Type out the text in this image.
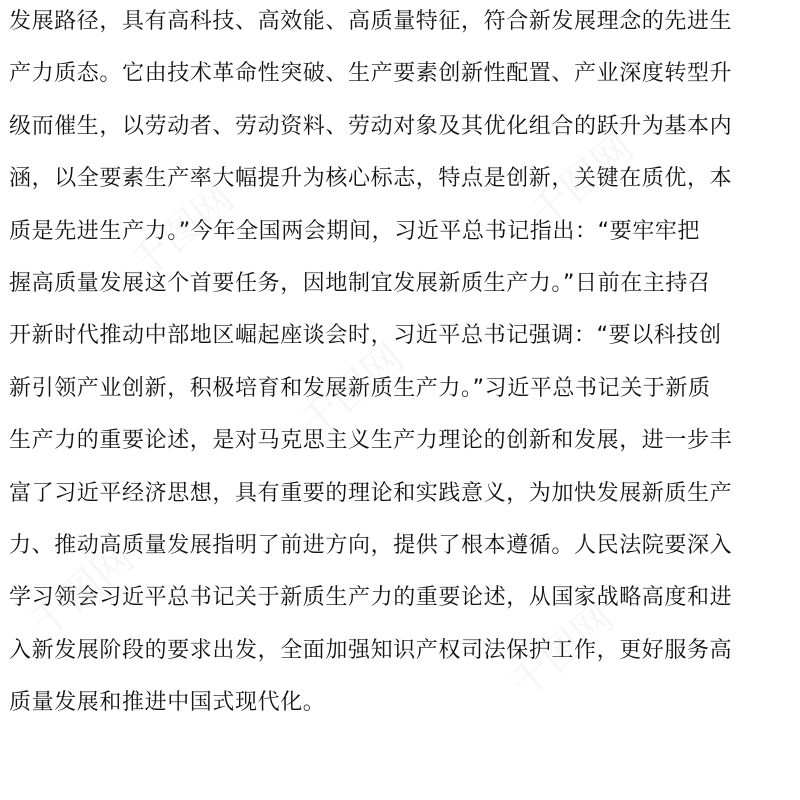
发展路径，具有高科技、高效能、高质量特征，符合新发展理念的先进生
产力质态。它由技术革命性突破、生产要素创新性配置、产业深度转型升
级而催生，以劳动者、劳动资料、劳动对象及其优化组合的跃升为基本内
涵，以全要素生产率大幅提升为核心标志，特点是创新，关键在质优，本
质是先进生产力。”今年全国两会期间，习近平总书记指出：“要牢牢把
握高质量发展这个首要任务，因地制宜发展新质生产力。”日前在主持召
开新时代推动中部地区崛起座谈会时，习近平总书记强调：“要以科技创
新引领产业创新，积极培育和发展新质生产力。”习近平总书记关于新质
生产力的重要论述，是对马克思主义生产力理论的创新和发展，进一步丰
富了习近平经济思想，具有重要的理论和实践意义，为加快发展新质生产
力、推动高质量发展指明了前进方向，提供了根本遵循。人民法院要深入
学习领会习近平总书记关于新质生产力的重要论述，从国家战略高度和进
入新发展阶段的要求出发，全面加强知识产权司法保护工作，更好服务高
质量发展和推进中国式现代化。
千图网
千图网
千图网
千图网
千图网
